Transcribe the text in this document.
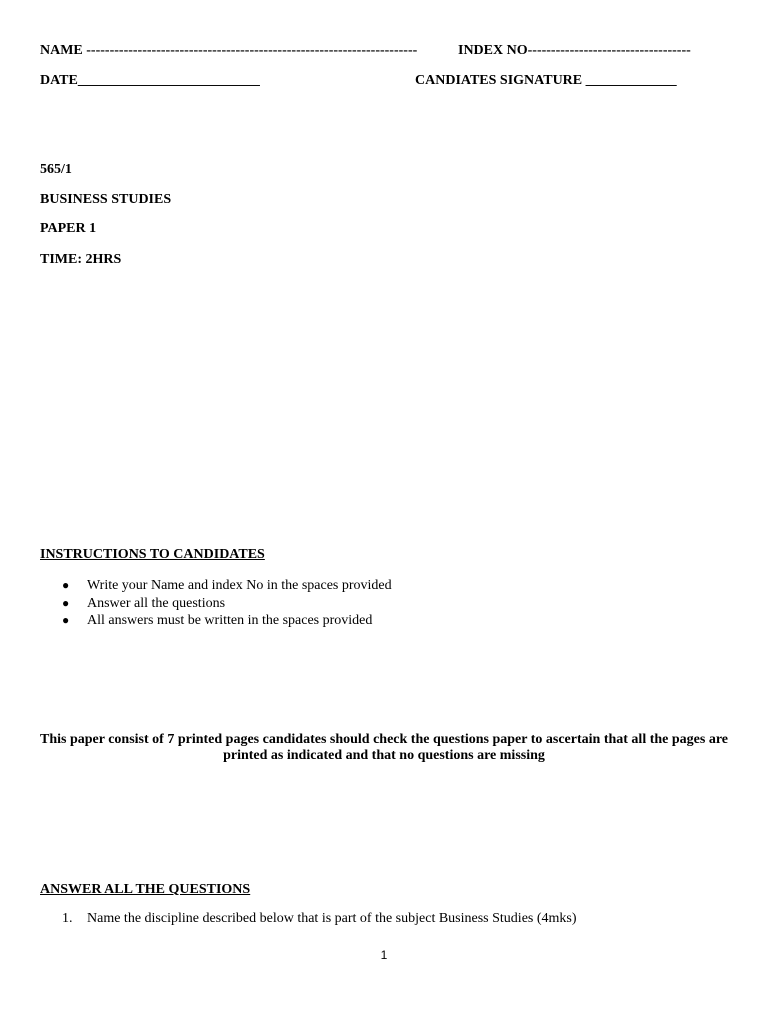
NAME -----------------------------------------------------------------------	INDEX NO-----------------------------------
DATE__________________________	CANDIATES SIGNATURE _____________
565/1
BUSINESS STUDIES
PAPER 1
TIME: 2HRS
INSTRUCTIONS TO CANDIDATES
● Write your Name and index No in the spaces provided
● Answer all the questions
● All answers must be written in the spaces provided
This paper consist of 7 printed pages candidates should check the questions paper to ascertain that all the pages are printed as indicated and that no questions are missing
ANSWER ALL THE QUESTIONS
1. Name the discipline described below that is part of the subject Business Studies (4mks)
1
